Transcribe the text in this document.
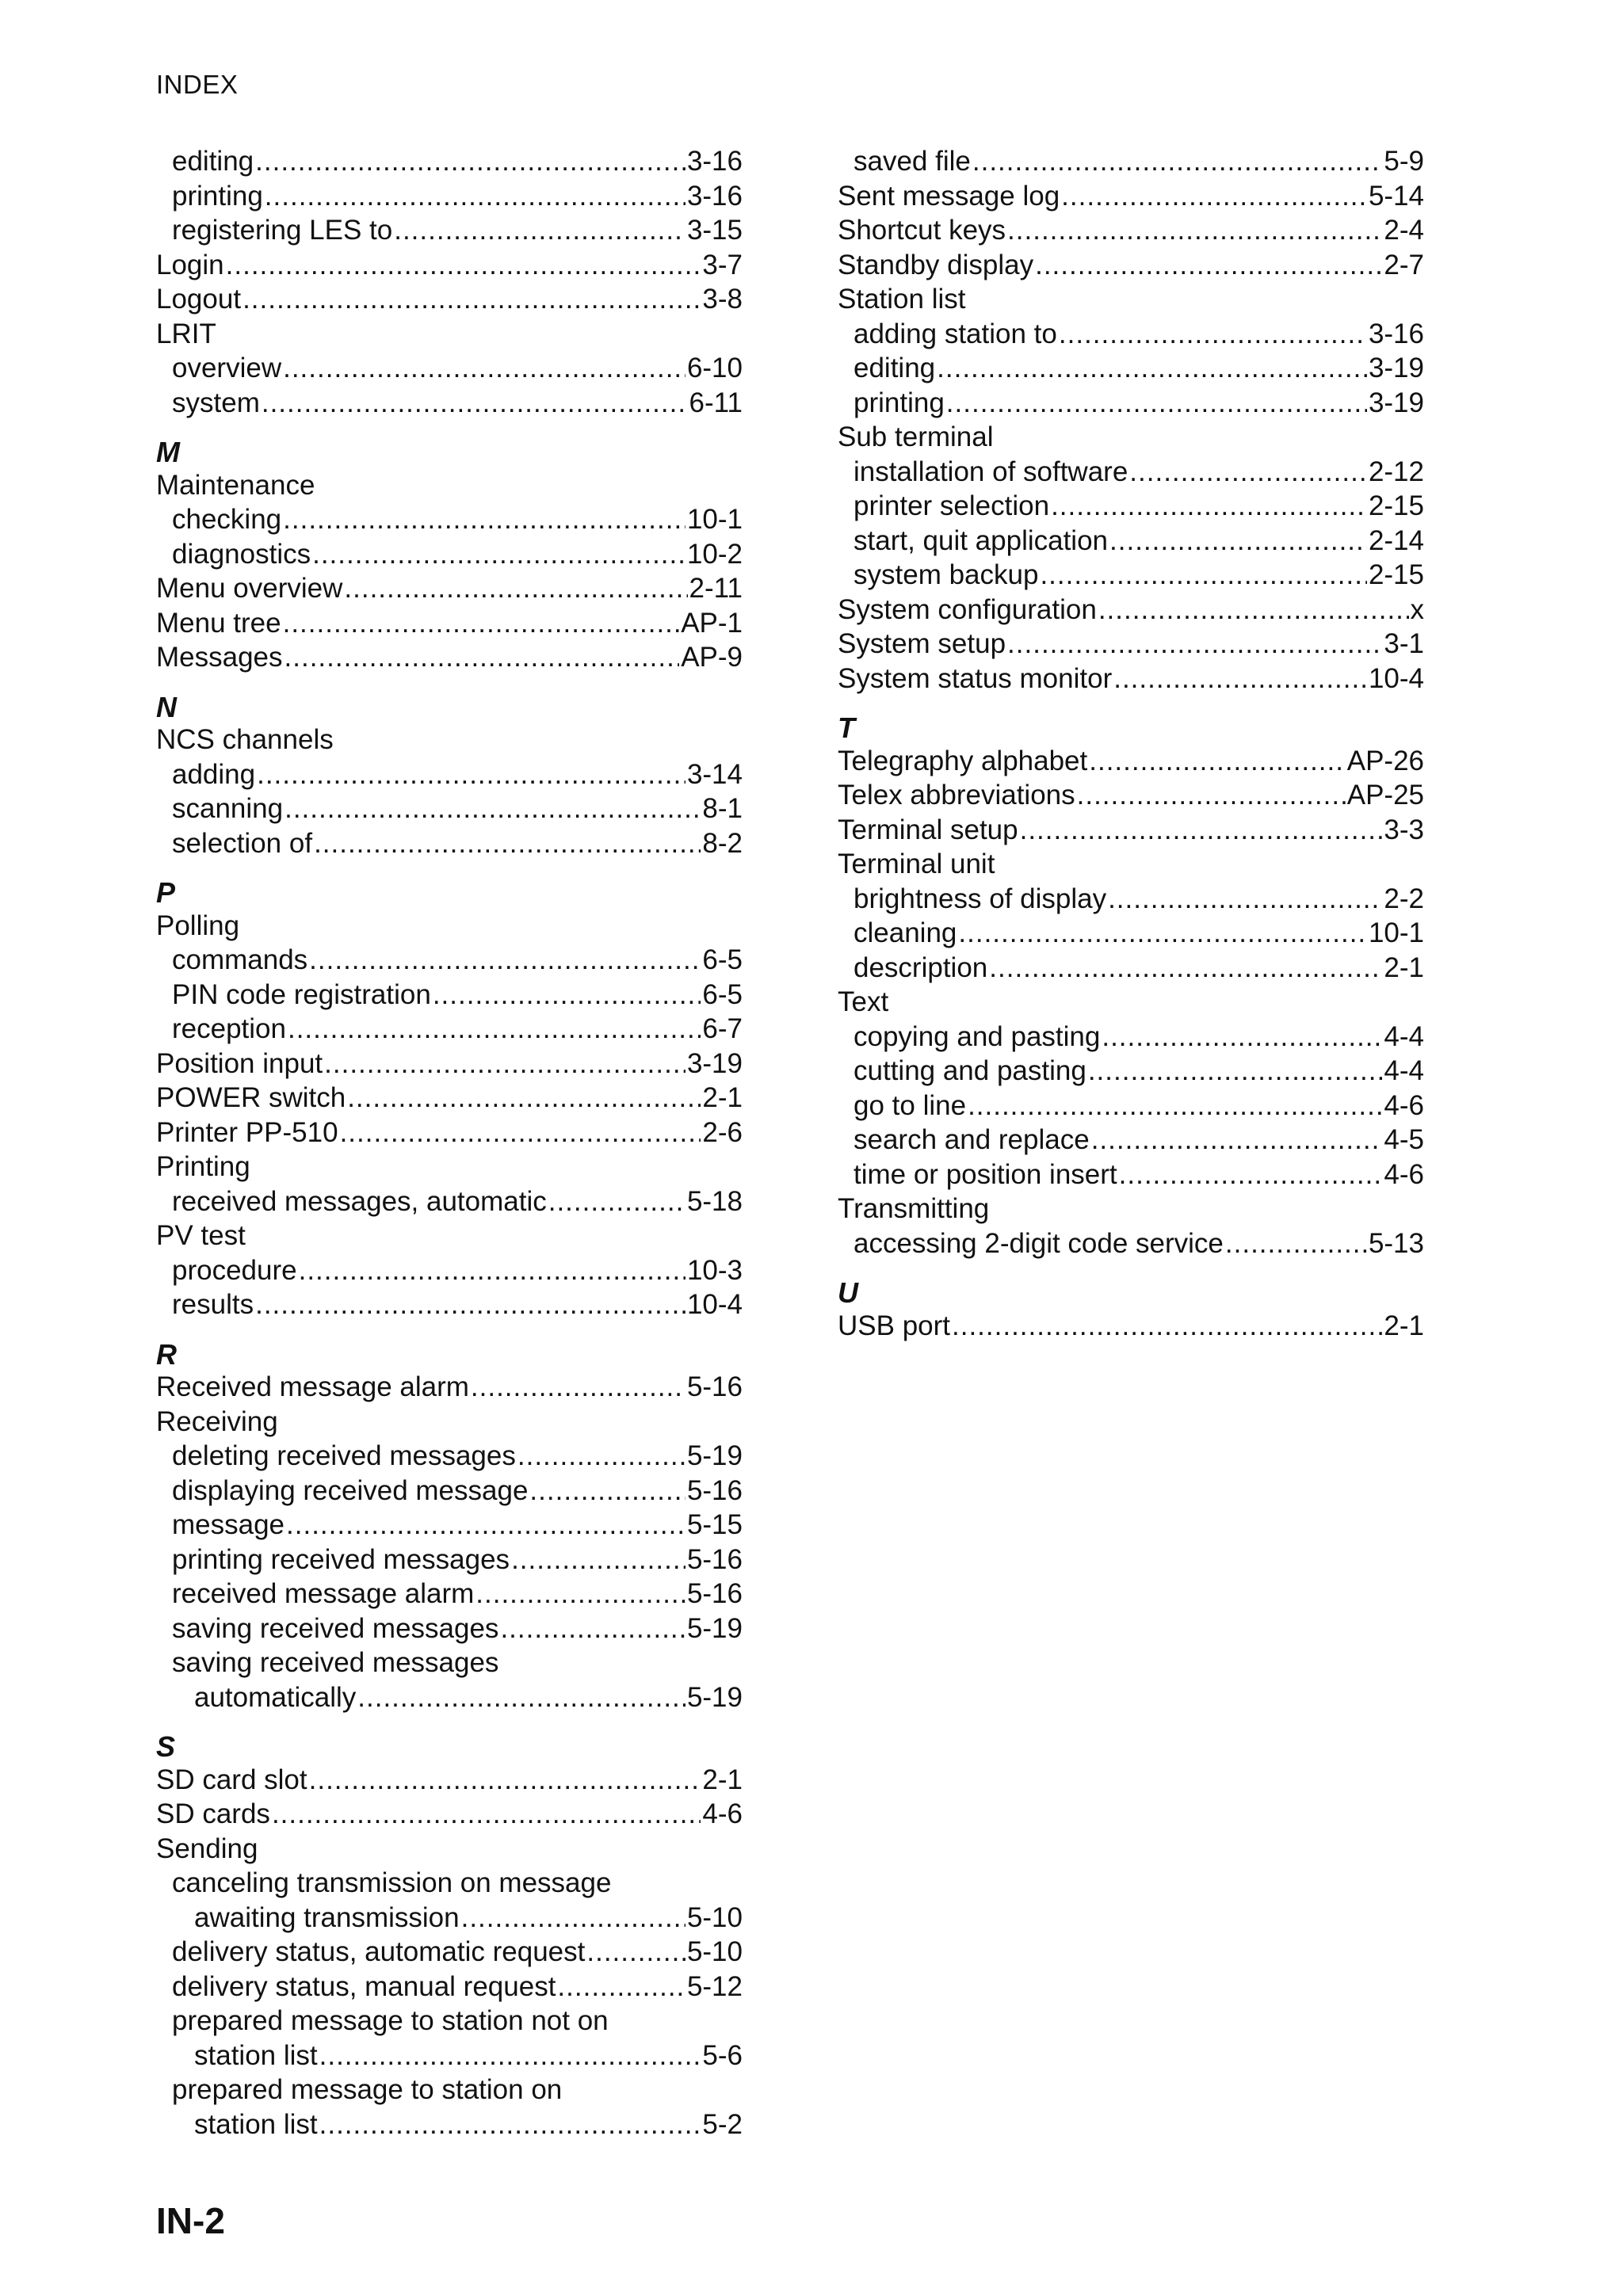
INDEX
editing .....	3-16
printing .....	3-16
registering LES to .....	3-15
Login .....	3-7
Logout .....	3-8
LRIT
overview .....	6-10
system .....	6-11
M
Maintenance
checking .....	10-1
diagnostics .....	10-2
Menu overview .....	2-11
Menu tree .....	AP-1
Messages .....	AP-9
N
NCS channels
adding .....	3-14
scanning .....	8-1
selection of .....	8-2
P
Polling
commands .....	6-5
PIN code registration .....	6-5
reception .....	6-7
Position input .....	3-19
POWER switch .....	2-1
Printer PP-510 .....	2-6
Printing
received messages, automatic .....	5-18
PV test
procedure .....	10-3
results .....	10-4
R
Received message alarm .....	5-16
Receiving
deleting received messages .....	5-19
displaying received message .....	5-16
message .....	5-15
printing received messages .....	5-16
received message alarm .....	5-16
saving received messages .....	5-19
saving received messages
automatically .....	5-19
S
SD card slot .....	2-1
SD cards .....	4-6
Sending
canceling transmission on message
awaiting transmission .....	5-10
delivery status, automatic request .....	5-10
delivery status, manual request .....	5-12
prepared message to station not on
station list .....	5-6
prepared message to station on
station list .....	5-2
saved file .....	5-9
Sent message log .....	5-14
Shortcut keys .....	2-4
Standby display .....	2-7
Station list
adding station to .....	3-16
editing .....	3-19
printing .....	3-19
Sub terminal
installation of software .....	2-12
printer selection .....	2-15
start, quit application .....	2-14
system backup .....	2-15
System configuration .....	x
System setup .....	3-1
System status monitor .....	10-4
T
Telegraphy alphabet .....	AP-26
Telex abbreviations .....	AP-25
Terminal setup .....	3-3
Terminal unit
brightness of display .....	2-2
cleaning .....	10-1
description .....	2-1
Text
copying and pasting .....	4-4
cutting and pasting .....	4-4
go to line .....	4-6
search and replace .....	4-5
time or position insert .....	4-6
Transmitting
accessing 2-digit code service .....	5-13
U
USB port .....	2-1
IN-2
